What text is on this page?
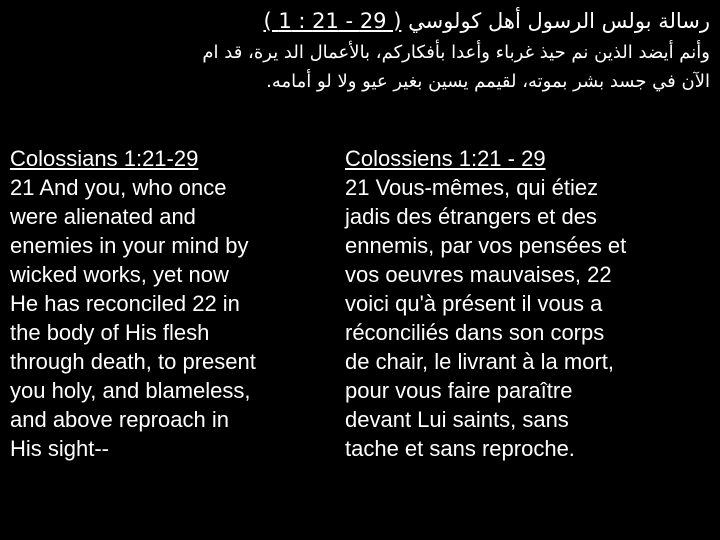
رسالة بولس الرسول أهل كولوسي ( 29 - 21 : 1 )
وأنم أيضد الذين نم حيذ غرباء وأعدا بأفكاركم، بالأعمال الد يرة، قد ام
الآن في جسد بشر بموته، لقيمم يسين بغير عيو ولا لو أمامه.
Colossians 1:21-29
21 And you, who once
were alienated and
enemies in your mind by
wicked works, yet now
He has reconciled 22 in
the body of His flesh
through death, to present
you holy, and blameless,
and above reproach in
His sight--
Colossiens 1:21 - 29
21 Vous-mêmes, qui étiez
jadis des étrangers et des
ennemis, par vos pensées et
vos oeuvres mauvaises, 22
voici qu'à présent il vous a
réconciliés dans son corps
de chair, le livrant à la mort,
pour vous faire paraître
devant Lui saints, sans
tache et sans reproche.
